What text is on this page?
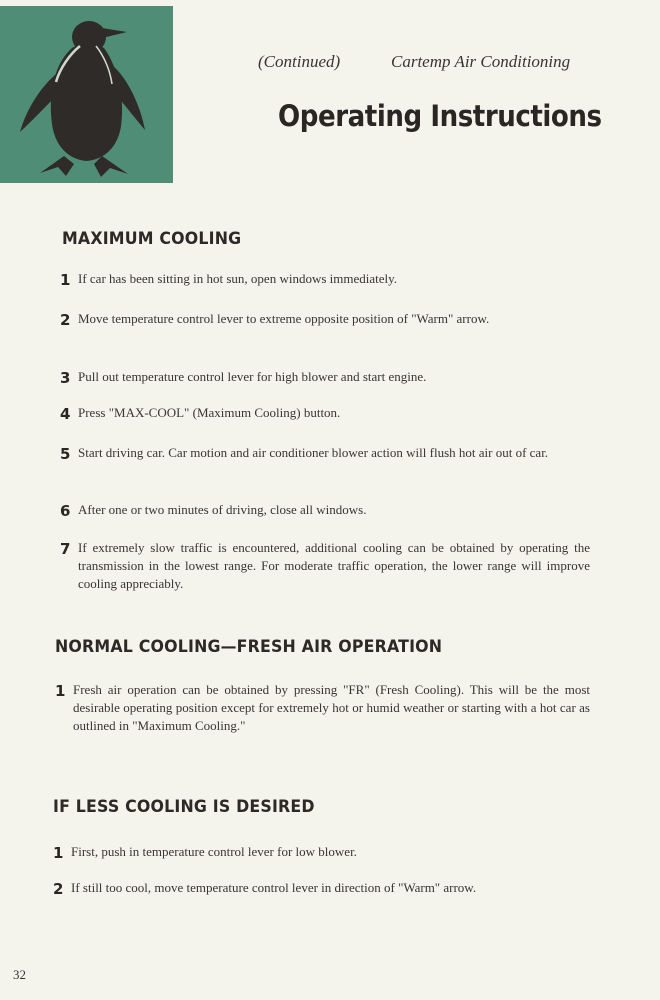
(Continued)	Cartemp Air Conditioning
Operating Instructions
MAXIMUM COOLING
1 If car has been sitting in hot sun, open windows immediately.
2 Move temperature control lever to extreme opposite position of "Warm" arrow.
3 Pull out temperature control lever for high blower and start engine.
4 Press "MAX-COOL" (Maximum Cooling) button.
5 Start driving car. Car motion and air conditioner blower action will flush hot air out of car.
6 After one or two minutes of driving, close all windows.
7 If extremely slow traffic is encountered, additional cooling can be obtained by operating the transmission in the lowest range. For moderate traffic operation, the lower range will improve cooling appreciably.
NORMAL COOLING—FRESH AIR OPERATION
1 Fresh air operation can be obtained by pressing "FR" (Fresh Cooling). This will be the most desirable operating position except for extremely hot or humid weather or starting with a hot car as outlined in "Maximum Cooling."
IF LESS COOLING IS DESIRED
1 First, push in temperature control lever for low blower.
2 If still too cool, move temperature control lever in direction of "Warm" arrow.
32
